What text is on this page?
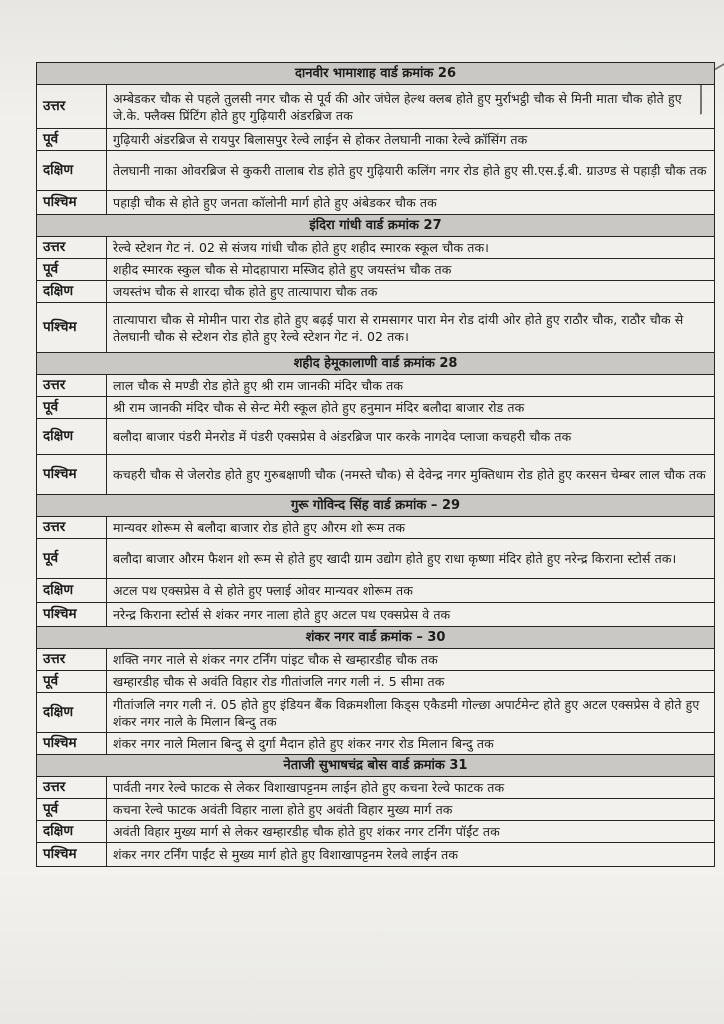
दानवीर भामाशाह वार्ड क्रमांक 26	
उत्तर	अम्बेडकर चौक से पहले तुलसी नगर चौक से पूर्व की ओर जंघेल हेल्थ क्लब होते हुए मुर्राभट्ठी चौक से मिनी माता चौक होते हुए जे.के. फ्लैक्स प्रिंटिंग होते हुए गुढ़ियारी अंडरब्रिज तक
पूर्व	गुढ़ियारी अंडरब्रिज से रायपुर बिलासपुर रेल्वे लाईन से होकर तेलघानी नाका रेल्वे क्रॉसिंग तक
दक्षिण	तेलघानी नाका ओवरब्रिज से कुकरी तालाब रोड होते हुए गुढ़ियारी कलिंग नगर रोड होते हुए सी.एस.ई.बी. ग्राउण्ड से पहाड़ी चौक तक
पश्चिम	पहाड़ी चौक से होते हुए जनता कॉलोनी मार्ग होते हुए अंबेडकर चौक तक
इंदिरा गांधी वार्ड क्रमांक 27	
उत्तर	रेल्वे स्टेशन गेट नं. 02 से संजय गांधी चौक होते हुए शहीद स्मारक स्कूल चौक तक।
पूर्व	शहीद स्मारक स्कुल चौक से मोदहापारा मस्जिद होते हुए जयस्तंभ चौक तक
दक्षिण	जयस्तंभ चौक से शारदा चौक होते हुए तात्यापारा चौक तक
पश्चिम	तात्यापारा चौक से मोमीन पारा रोड होते हुए बढ़ई पारा से रामसागर पारा मेन रोड दांयी ओर होते हुए राठौर चौक, राठौर चौक से तेलघानी चौक से स्टेशन रोड होते हुए रेल्वे स्टेशन गेट नं. 02 तक।
शहीद हेमूकालाणी वार्ड क्रमांक 28	
उत्तर	लाल चौक से मण्डी रोड होते हुए श्री राम जानकी मंदिर चौक तक
पूर्व	श्री राम जानकी मंदिर चौक से सेन्ट मेरी स्कूल होते हुए हनुमान मंदिर बलौदा बाजार रोड तक
दक्षिण	बलौदा बाजार पंडरी मेनरोड में पंडरी एक्सप्रेस वे अंडरब्रिज पार करके नागदेव प्लाजा कचहरी चौक तक
पश्चिम	कचहरी चौक से जेलरोड होते हुए गुरुबक्षाणी चौक (नमस्ते चौक) से देवेन्द्र नगर मुक्तिधाम रोड होते हुए करसन चेम्बर लाल चौक तक
गुरू गोविन्द सिंह वार्ड क्रमांक – 29	
उत्तर	मान्यवर शोरूम से बलौदा बाजार रोड होते हुए औरम शो रूम तक
पूर्व	बलौदा बाजार औरम फैशन शो रूम से होते हुए खादी ग्राम उद्योग होते हुए राधा कृष्णा मंदिर होते हुए नरेन्द्र किराना स्टोर्स तक।
दक्षिण	अटल पथ एक्सप्रेस वे से होते हुए फ्लाई ओवर मान्यवर शोरूम तक
पश्चिम	नरेन्द्र किराना स्टोर्स से शंकर नगर नाला होते हुए अटल पथ एक्सप्रेस वे तक
शंकर नगर वार्ड क्रमांक – 30	
उत्तर	शक्ति नगर नाले से शंकर नगर टर्निंग पांइट चौक से खम्हारडीह चौक तक
पूर्व	खम्हारडीह चौक से अवंति विहार रोड गीतांजलि नगर गली नं. 5 सीमा तक
दक्षिण	गीतांजलि नगर गली नं. 05 होते हुए इंडियन बैंक विक्रमशीला किड्स एकैडमी गोल्छा अपार्टमेन्ट होते हुए अटल एक्सप्रेस वे होते हुए शंकर नगर नाले के मिलान बिन्दु तक
पश्चिम	शंकर नगर नाले मिलान बिन्दु से दुर्गा मैदान होते हुए शंकर नगर रोड मिलान बिन्दु तक
नेताजी सुभाषचंद्र बोस वार्ड क्रमांक 31	
उत्तर	पार्वती नगर रेल्वे फाटक से लेकर विशाखापट्टनम लाईन होते हुए कचना रेल्वे फाटक तक
पूर्व	कचना रेल्वे फाटक अवंती विहार नाला होते हुए अवंती विहार मुख्य मार्ग तक
दक्षिण	अवंती विहार मुख्य मार्ग से लेकर खम्हारडीह चौक होते हुए शंकर नगर टर्निंग पॉईंट तक
पश्चिम	शंकर नगर टर्निंग पाईंट से मुख्य मार्ग होते हुए विशाखापट्टनम रेलवे लाईन तक
